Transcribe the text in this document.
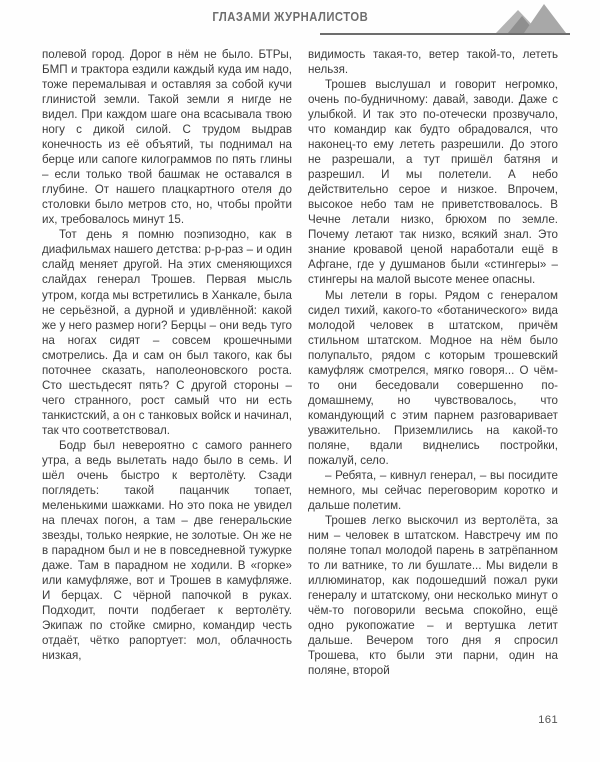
ГЛАЗАМИ ЖУРНАЛИСТОВ

полевой город. Дорог в нём не было. БТРы, БМП и трактора ездили каждый куда им надо, тоже перемалывая и оставляя за собой кучи глинистой земли. Такой земли я нигде не видел. При каждом шаге она всасывала твою ногу с дикой силой. С трудом выдрав конечность из её объятий, ты поднимал на берце или сапоге килограммов по пять глины – если только твой башмак не оставался в глубине. От нашего плацкартного отеля до столовки было метров сто, но, чтобы пройти их, требовалось минут 15.

Тот день я помню поэпизодно, как в диафильмах нашего детства: р-р-раз – и один слайд меняет другой. На этих сменяющихся слайдах генерал Трошев. Первая мысль утром, когда мы встретились в Ханкале, была не серьёзной, а дурной и удивлённой: какой же у него размер ноги? Берцы – они ведь туго на ногах сидят – совсем крошечными смотрелись. Да и сам он был такого, как бы поточнее сказать, наполеоновского роста. Сто шестьдесят пять? С другой стороны – чего странного, рост самый что ни есть танкистский, а он с танковых войск и начинал, так что соответствовал.

Бодр был невероятно с самого раннего утра, а ведь вылетать надо было в семь. И шёл очень быстро к вертолёту. Сзади поглядеть: такой пацанчик топает, меленькими шажками. Но это пока не увидел на плечах погон, а там – две генеральские звезды, только неяркие, не золотые. Он же не в парадном был и не в повседневной тужурке даже. Там в парадном не ходили. В «горке» или камуфляже, вот и Трошев в камуфляже. И берцах. С чёрной папочкой в руках. Подходит, почти подбегает к вертолёту. Экипаж по стойке смирно, командир честь отдаёт, чётко рапортует: мол, облачность низкая,

видимость такая-то, ветер такой-то, лететь нельзя.

Трошев выслушал и говорит негромко, очень по-будничному: давай, заводи. Даже с улыбкой. И так это по-отечески прозвучало, что командир как будто обрадовался, что наконец-то ему лететь разрешили. До этого не разрешали, а тут пришёл батяня и разрешил. И мы полетели. А небо действительно серое и низкое. Впрочем, высокое небо там не приветствовалось. В Чечне летали низко, брюхом по земле. Почему летают так низко, всякий знал. Это знание кровавой ценой наработали ещё в Афгане, где у душманов были «стингеры» – стингеры на малой высоте менее опасны.

Мы летели в горы. Рядом с генералом сидел тихий, какого-то «ботанического» вида молодой человек в штатском, причём стильном штатском. Модное на нём было полупальто, рядом с которым трошевский камуфляж смотрелся, мягко говоря... О чём-то они беседовали совершенно по-домашнему, но чувствовалось, что командующий с этим парнем разговаривает уважительно. Приземлились на какой-то поляне, вдали виднелись постройки, пожалуй, село.

– Ребята, – кивнул генерал, – вы посидите немного, мы сейчас переговорим коротко и дальше полетим.

Трошев легко выскочил из вертолёта, за ним – человек в штатском. Навстречу им по поляне топал молодой парень в затрёпанном то ли ватнике, то ли бушлате... Мы видели в иллюминатор, как подошедший пожал руки генералу и штатскому, они несколько минут о чём-то поговорили весьма спокойно, ещё одно рукопожатие – и вертушка летит дальше. Вечером того дня я спросил Трошева, кто были эти парни, один на поляне, второй

161
